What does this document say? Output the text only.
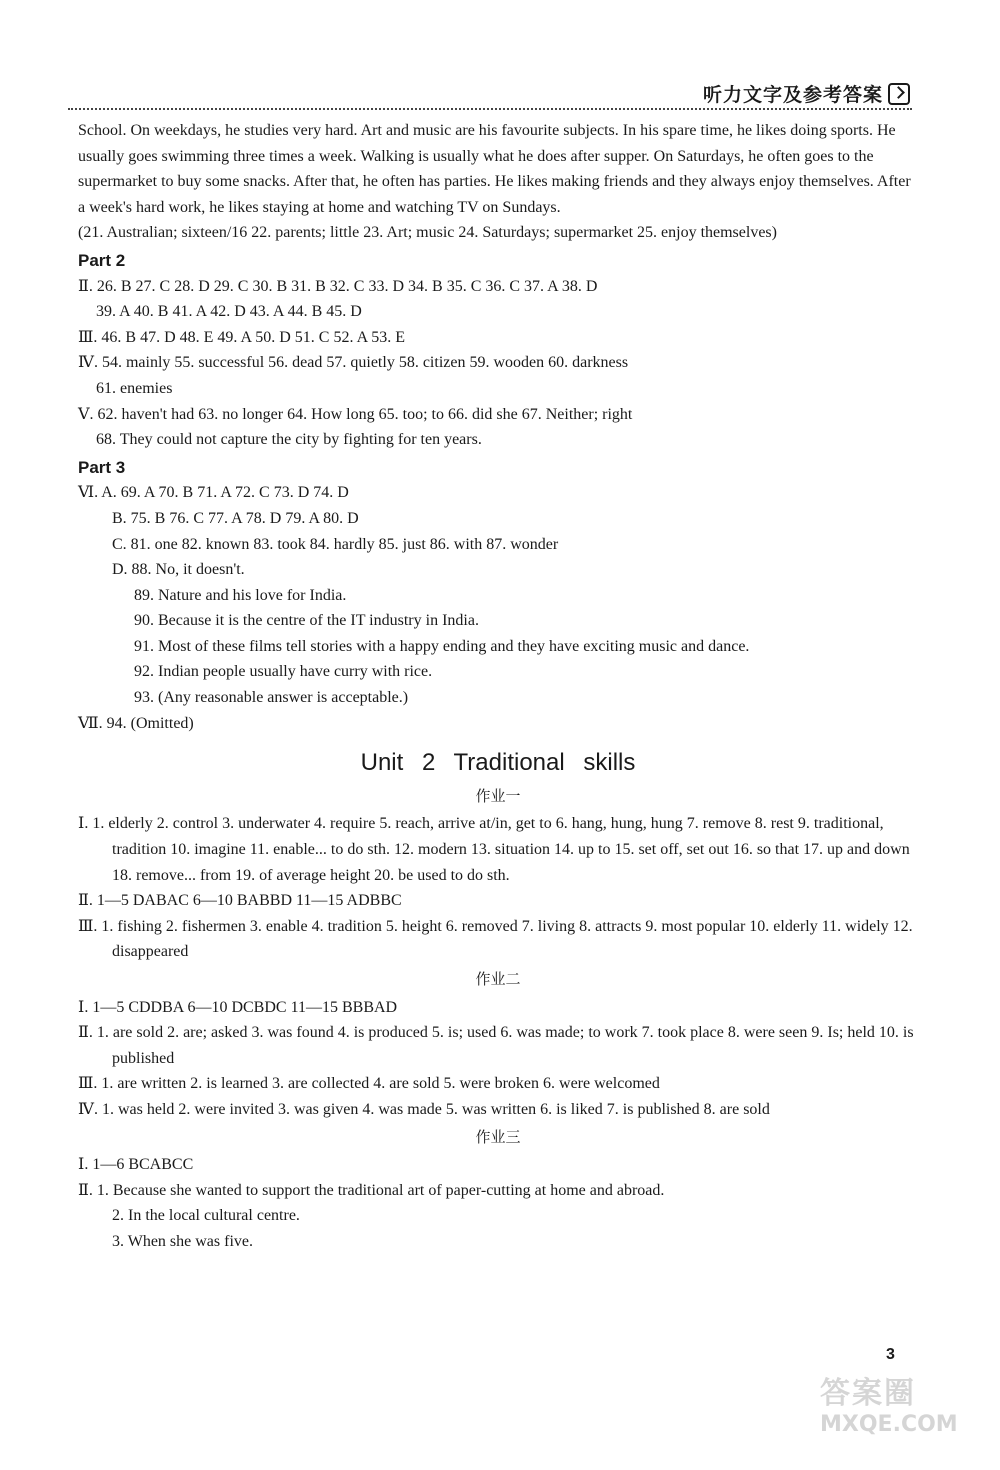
听力文字及参考答案

School. On weekdays, he studies very hard. Art and music are his favourite subjects. In his spare time, he likes doing sports. He usually goes swimming three times a week. Walking is usually what he does after supper. On Saturdays, he often goes to the supermarket to buy some snacks. After that, he often has parties. He likes making friends and they always enjoy themselves. After a week's hard work, he likes staying at home and watching TV on Sundays.

(21. Australian; sixteen/16 22. parents; little 23. Art; music 24. Saturdays; supermarket 25. enjoy themselves)

Part 2

Ⅱ. 26. B 27. C 28. D 29. C 30. B 31. B 32. C 33. D 34. B 35. C 36. C 37. A 38. D

39. A 40. B 41. A 42. D 43. A 44. B 45. D

Ⅲ. 46. B 47. D 48. E 49. A 50. D 51. C 52. A 53. E

Ⅳ. 54. mainly 55. successful 56. dead 57. quietly 58. citizen 59. wooden 60. darkness

61. enemies

Ⅴ. 62. haven't had 63. no longer 64. How long 65. too; to 66. did she 67. Neither; right

68. They could not capture the city by fighting for ten years.

Part 3

Ⅵ. A. 69. A 70. B 71. A 72. C 73. D 74. D

B. 75. B 76. C 77. A 78. D 79. A 80. D

C. 81. one 82. known 83. took 84. hardly 85. just 86. with 87. wonder

D. 88. No, it doesn't.

89. Nature and his love for India.

90. Because it is the centre of the IT industry in India.

91. Most of these films tell stories with a happy ending and they have exciting music and dance.

92. Indian people usually have curry with rice.

93. (Any reasonable answer is acceptable.)

Ⅶ. 94. (Omitted)

Unit 2 Traditional skills

作业一

Ⅰ. 1. elderly 2. control 3. underwater 4. require 5. reach, arrive at/in, get to 6. hang, hung, hung 7. remove 8. rest 9. traditional, tradition 10. imagine 11. enable... to do sth. 12. modern 13. situation 14. up to 15. set off, set out 16. so that 17. up and down 18. remove... from 19. of average height 20. be used to do sth.

Ⅱ. 1—5 DABAC 6—10 BABBD 11—15 ADBBC

Ⅲ. 1. fishing 2. fishermen 3. enable 4. tradition 5. height 6. removed 7. living 8. attracts 9. most popular 10. elderly 11. widely 12. disappeared

作业二

Ⅰ. 1—5 CDDBA 6—10 DCBDC 11—15 BBBAD

Ⅱ. 1. are sold 2. are; asked 3. was found 4. is produced 5. is; used 6. was made; to work 7. took place 8. were seen 9. Is; held 10. is published

Ⅲ. 1. are written 2. is learned 3. are collected 4. are sold 5. were broken 6. were welcomed

Ⅳ. 1. was held 2. were invited 3. was given 4. was made 5. was written 6. is liked 7. is published 8. are sold

作业三

Ⅰ. 1—6 BCABCC

Ⅱ. 1. Because she wanted to support the traditional art of paper-cutting at home and abroad.

2. In the local cultural centre.

3. When she was five.

3
答案圈
MXQE.COM
